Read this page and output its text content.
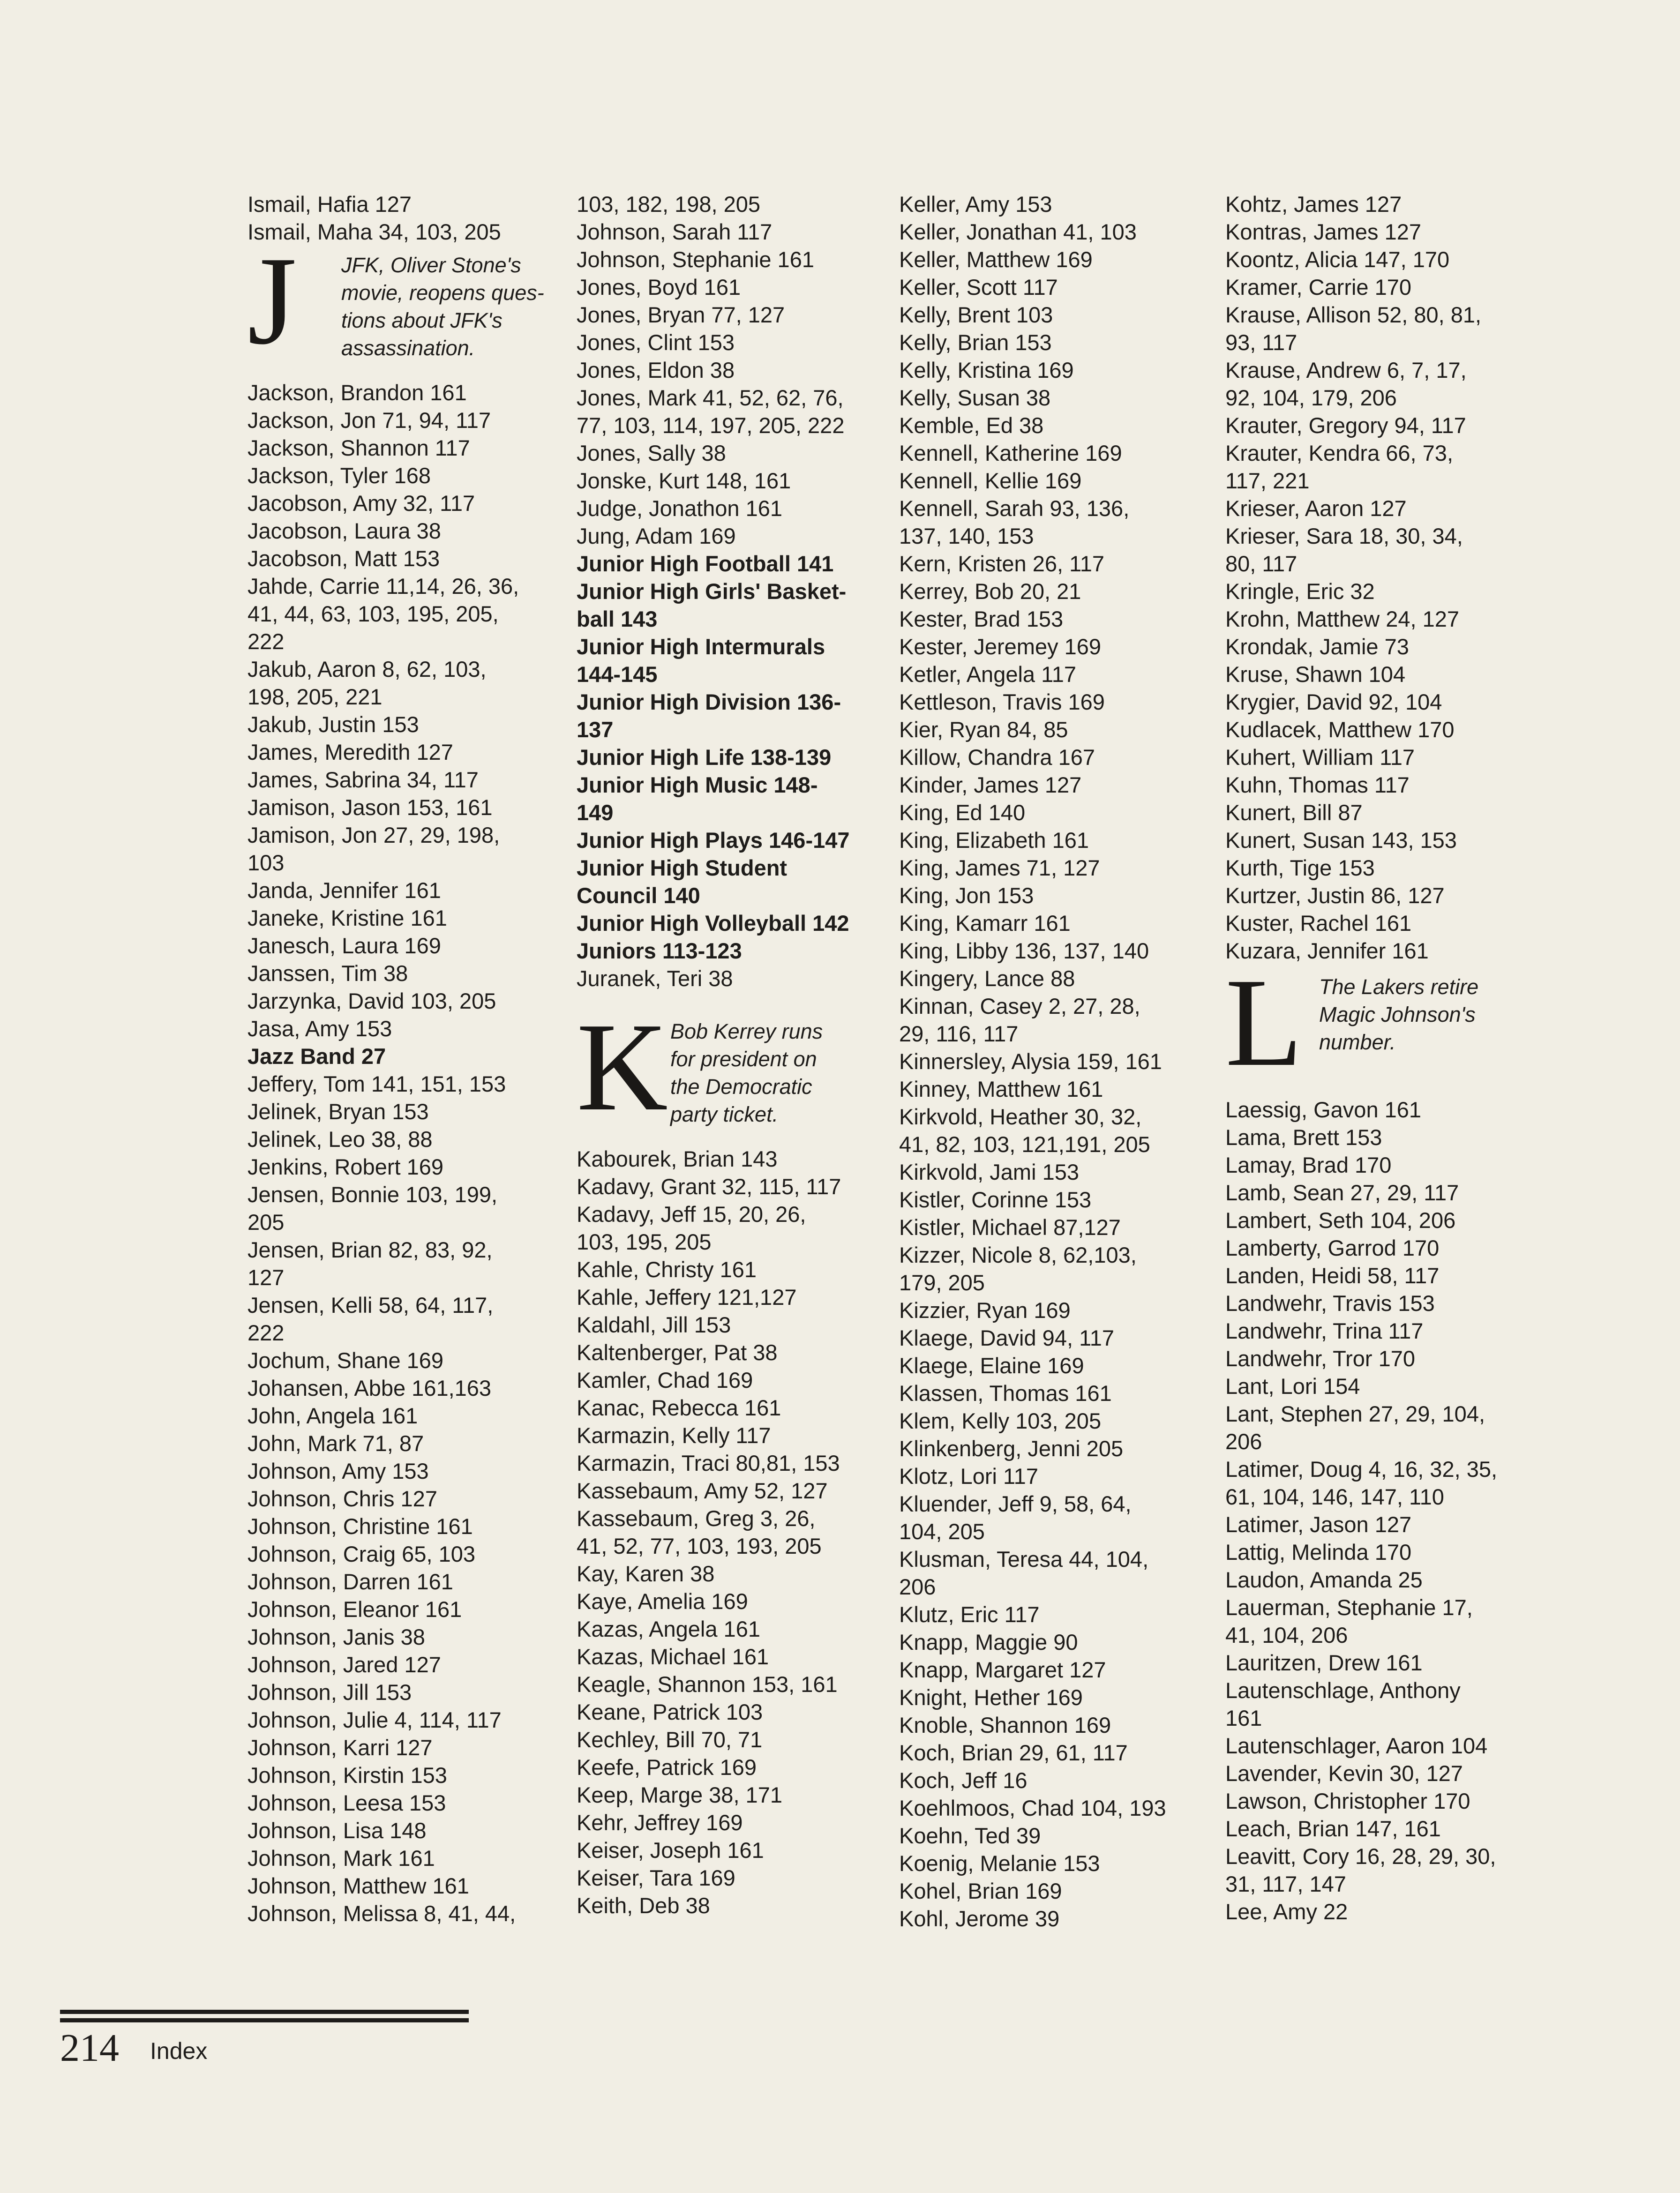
Ismail, Hafia 127

Ismail, Maha 34, 103, 205

J JFK, Oliver Stone's
movie, reopens ques-
tions about JFK's
assassination.

Jackson, Brandon 161

Jackson, Jon 71, 94, 117

Jackson, Shannon 117

Jackson, Tyler 168

Jacobson, Amy 32, 117

Jacobson, Laura 38

Jacobson, Matt 153

Jahde, Carrie 11,14, 26, 36,
41, 44, 63, 103, 195, 205,
222

Jakub, Aaron 8, 62, 103,
198, 205, 221

Jakub, Justin 153

James, Meredith 127

James, Sabrina 34, 117

Jamison, Jason 153, 161

Jamison, Jon 27, 29, 198,
103

Janda, Jennifer 161

Janeke, Kristine 161

Janesch, Laura 169

Janssen, Tim 38

Jarzynka, David 103, 205

Jasa, Amy 153

Jazz Band 27

Jeffery, Tom 141, 151, 153

Jelinek, Bryan 153

Jelinek, Leo 38, 88

Jenkins, Robert 169

Jensen, Bonnie 103, 199,
205

Jensen, Brian 82, 83, 92,
127

Jensen, Kelli 58, 64, 117,
222

Jochum, Shane 169

Johansen, Abbe 161,163

John, Angela 161

John, Mark 71, 87

Johnson, Amy 153

Johnson, Chris 127

Johnson, Christine 161

Johnson, Craig 65, 103

Johnson, Darren 161

Johnson, Eleanor 161

Johnson, Janis 38

Johnson, Jared 127

Johnson, Jill 153

Johnson, Julie 4, 114, 117

Johnson, Karri 127

Johnson, Kirstin 153

Johnson, Leesa 153

Johnson, Lisa 148

Johnson, Mark 161

Johnson, Matthew 161

Johnson, Melissa 8, 41, 44,

103, 182, 198, 205

Johnson, Sarah 117

Johnson, Stephanie 161

Jones, Boyd 161

Jones, Bryan 77, 127

Jones, Clint 153

Jones, Eldon 38

Jones, Mark 41, 52, 62, 76,
77, 103, 114, 197, 205, 222

Jones, Sally 38

Jonske, Kurt 148, 161

Judge, Jonathon 161

Jung, Adam 169

Junior High Football 141

Junior High Girls' Basket-
ball 143

Junior High Intermurals
144-145

Junior High Division 136-
137

Junior High Life 138-139

Junior High Music 148-
149

Junior High Plays 146-147

Junior High Student
Council 140

Junior High Volleyball 142

Juniors 113-123

Juranek, Teri 38

K Bob Kerrey runs
for president on
the Democratic
party ticket.

Kabourek, Brian 143

Kadavy, Grant 32, 115, 117

Kadavy, Jeff 15, 20, 26,
103, 195, 205

Kahle, Christy 161

Kahle, Jeffery 121,127

Kaldahl, Jill 153

Kaltenberger, Pat 38

Kamler, Chad 169

Kanac, Rebecca 161

Karmazin, Kelly 117

Karmazin, Traci 80,81, 153

Kassebaum, Amy 52, 127

Kassebaum, Greg 3, 26,
41, 52, 77, 103, 193, 205

Kay, Karen 38

Kaye, Amelia 169

Kazas, Angela 161

Kazas, Michael 161

Keagle, Shannon 153, 161

Keane, Patrick 103

Kechley, Bill 70, 71

Keefe, Patrick 169

Keep, Marge 38, 171

Kehr, Jeffrey 169

Keiser, Joseph 161

Keiser, Tara 169

Keith, Deb 38

Keller, Amy 153

Keller, Jonathan 41, 103

Keller, Matthew 169

Keller, Scott 117

Kelly, Brent 103

Kelly, Brian 153

Kelly, Kristina 169

Kelly, Susan 38

Kemble, Ed 38

Kennell, Katherine 169

Kennell, Kellie 169

Kennell, Sarah 93, 136,
137, 140, 153

Kern, Kristen 26, 117

Kerrey, Bob 20, 21

Kester, Brad 153

Kester, Jeremey 169

Ketler, Angela 117

Kettleson, Travis 169

Kier, Ryan 84, 85

Killow, Chandra 167

Kinder, James 127

King, Ed 140

King, Elizabeth 161

King, James 71, 127

King, Jon 153

King, Kamarr 161

King, Libby 136, 137, 140

Kingery, Lance 88

Kinnan, Casey 2, 27, 28,
29, 116, 117

Kinnersley, Alysia 159, 161

Kinney, Matthew 161

Kirkvold, Heather 30, 32,
41, 82, 103, 121,191, 205

Kirkvold, Jami 153

Kistler, Corinne 153

Kistler, Michael 87,127

Kizzer, Nicole 8, 62,103,
179, 205

Kizzier, Ryan 169

Klaege, David 94, 117

Klaege, Elaine 169

Klassen, Thomas 161

Klem, Kelly 103, 205

Klinkenberg, Jenni 205

Klotz, Lori 117

Kluender, Jeff 9, 58, 64,
104, 205

Klusman, Teresa 44, 104,
206

Klutz, Eric 117

Knapp, Maggie 90

Knapp, Margaret 127

Knight, Hether 169

Knoble, Shannon 169

Koch, Brian 29, 61, 117

Koch, Jeff 16

Koehlmoos, Chad 104, 193

Koehn, Ted 39

Koenig, Melanie 153

Kohel, Brian 169

Kohl, Jerome 39

Kohtz, James 127

Kontras, James 127

Koontz, Alicia 147, 170

Kramer, Carrie 170

Krause, Allison 52, 80, 81,
93, 117

Krause, Andrew 6, 7, 17,
92, 104, 179, 206

Krauter, Gregory 94, 117

Krauter, Kendra 66, 73,
117, 221

Krieser, Aaron 127

Krieser, Sara 18, 30, 34,
80, 117

Kringle, Eric 32

Krohn, Matthew 24, 127

Krondak, Jamie 73

Kruse, Shawn 104

Krygier, David 92, 104

Kudlacek, Matthew 170

Kuhert, William 117

Kuhn, Thomas 117

Kunert, Bill 87

Kunert, Susan 143, 153

Kurth, Tige 153

Kurtzer, Justin 86, 127

Kuster, Rachel 161

Kuzara, Jennifer 161

L The Lakers retire
Magic Johnson's
number.

Laessig, Gavon 161

Lama, Brett 153

Lamay, Brad 170

Lamb, Sean 27, 29, 117

Lambert, Seth 104, 206

Lamberty, Garrod 170

Landen, Heidi 58, 117

Landwehr, Travis 153

Landwehr, Trina 117

Landwehr, Tror 170

Lant, Lori 154

Lant, Stephen 27, 29, 104,
206

Latimer, Doug 4, 16, 32, 35,
61, 104, 146, 147, 110

Latimer, Jason 127

Lattig, Melinda 170

Laudon, Amanda 25

Lauerman, Stephanie 17,
41, 104, 206

Lauritzen, Drew 161

Lautenschlage, Anthony
161

Lautenschlager, Aaron 104

Lavender, Kevin 30, 127

Lawson, Christopher 170

Leach, Brian 147, 161

Leavitt, Cory 16, 28, 29, 30,
31, 117, 147

Lee, Amy 22

214 Index
